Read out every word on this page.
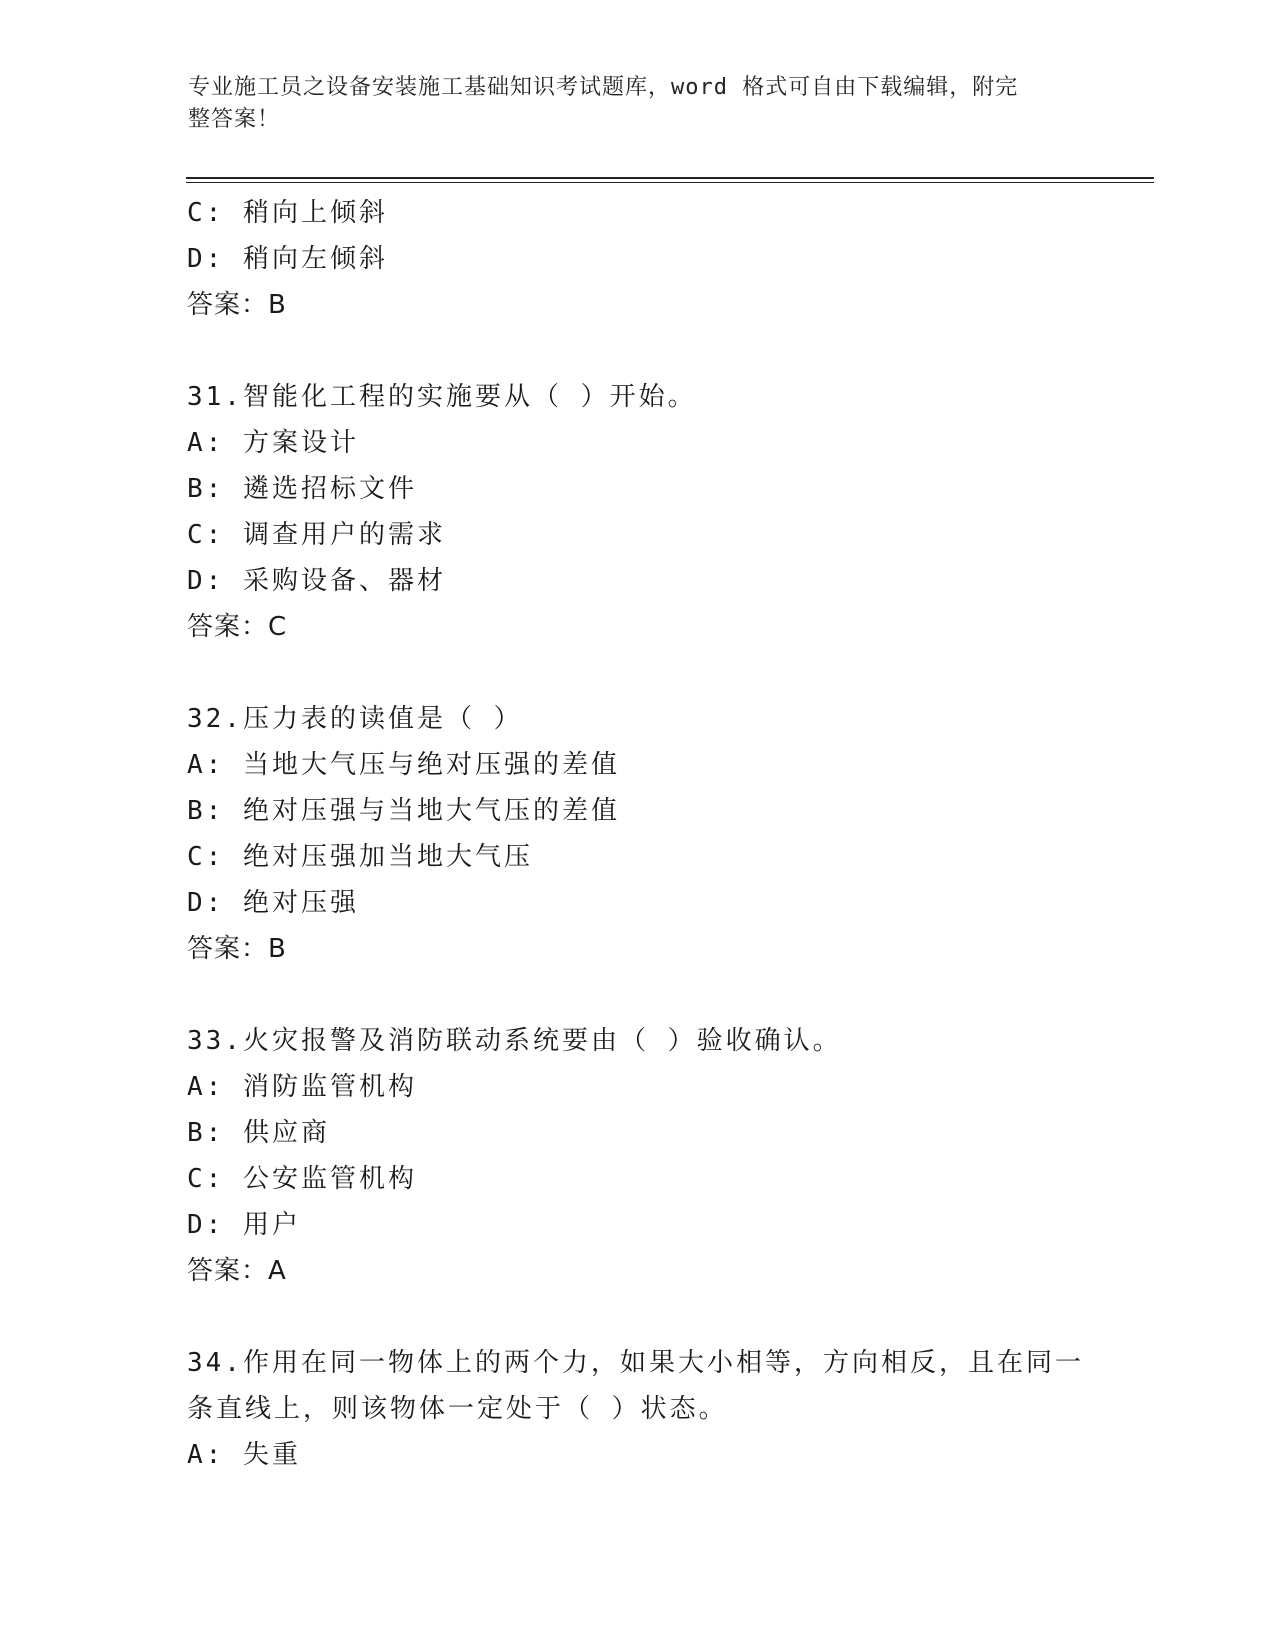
专业施工员之设备安装施工基础知识考试题库，word 格式可自由下载编辑，附完
整答案！
C: 稍向上倾斜
D: 稍向左倾斜
答案：B
31.智能化工程的实施要从（ ）开始。
A: 方案设计
B: 遴选招标文件
C: 调查用户的需求
D: 采购设备、器材
答案：C
32.压力表的读值是（ ）
A: 当地大气压与绝对压强的差值
B: 绝对压强与当地大气压的差值
C: 绝对压强加当地大气压
D: 绝对压强
答案：B
33.火灾报警及消防联动系统要由（ ）验收确认。
A: 消防监管机构
B: 供应商
C: 公安监管机构
D: 用户
答案：A
34.作用在同一物体上的两个力，如果大小相等，方向相反，且在同一
条直线上，则该物体一定处于（ ）状态。
A: 失重
